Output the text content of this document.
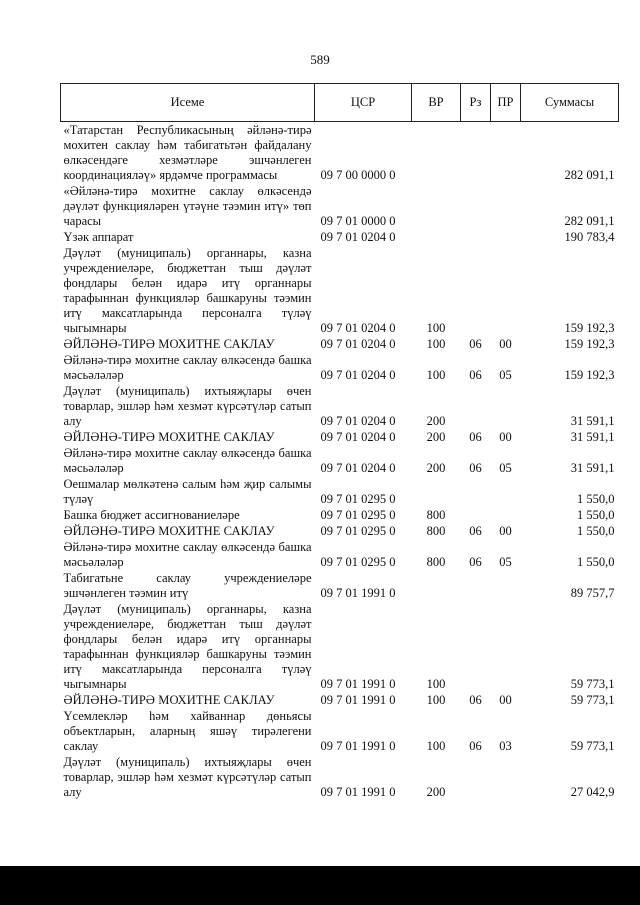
589
Исеме	ЦСР	ВР	Рз	ПР	Суммасы
«Татарстан Республикасының әйләнә-тирә мохитен саклау һәм табигатьтән файдалану өлкәсендәге хезмәтләре эшчәнлеген координацияләү» ярдәмче программасы	09 7 00 0000 0				282 091,1
«Әйләнә-тирә мохитне саклау өлкәсендә дәүләт функцияләрен үтәүне тәэмин итү» төп чарасы	09 7 01 0000 0				282 091,1
Үзәк аппарат	09 7 01 0204 0				190 783,4
Дәүләт (муниципаль) органнары, казна учреждениеләре, бюджеттан тыш дәүләт фондлары белән идарә итү органнары тарафыннан функцияләр башкаруны тәэмин итү максатларында персоналга түләү чыгымнары	09 7 01 0204 0	100			159 192,3
ӘЙЛӘНӘ-ТИРӘ МОХИТНЕ САКЛАУ	09 7 01 0204 0	100	06	00	159 192,3
Әйләнә-тирә мохитне саклау өлкәсендә башка мәсьәләләр	09 7 01 0204 0	100	06	05	159 192,3
Дәүләт (муниципаль) ихтыяҗлары өчен товарлар, эшләр һәм хезмәт күрсәтүләр сатып алу	09 7 01 0204 0	200			31 591,1
ӘЙЛӘНӘ-ТИРӘ МОХИТНЕ САКЛАУ	09 7 01 0204 0	200	06	00	31 591,1
Әйләнә-тирә мохитне саклау өлкәсендә башка мәсьәләләр	09 7 01 0204 0	200	06	05	31 591,1
Оешмалар мөлкәтенә салым һәм җир салымы түләү	09 7 01 0295 0				1 550,0
Башка бюджет ассигнованиеләре	09 7 01 0295 0	800			1 550,0
ӘЙЛӘНӘ-ТИРӘ МОХИТНЕ САКЛАУ	09 7 01 0295 0	800	06	00	1 550,0
Әйләнә-тирә мохитне саклау өлкәсендә башка мәсьәләләр	09 7 01 0295 0	800	06	05	1 550,0
Табигатьне саклау учреждениеләре эшчәнлеген тәэмин итү	09 7 01 1991 0				89 757,7
Дәүләт (муниципаль) органнары, казна учреждениеләре, бюджеттан тыш дәүләт фондлары белән идарә итү органнары тарафыннан функцияләр башкаруны тәэмин итү максатларында персоналга түләү чыгымнары	09 7 01 1991 0	100			59 773,1
ӘЙЛӘНӘ-ТИРӘ МОХИТНЕ САКЛАУ	09 7 01 1991 0	100	06	00	59 773,1
Үсемлекләр һәм хайваннар дөньясы объектларын, аларның яшәү тирәлегени саклау	09 7 01 1991 0	100	06	03	59 773,1
Дәүләт (муниципаль) ихтыяҗлары өчен товарлар, эшләр һәм хезмәт күрсәтүләр сатып алу	09 7 01 1991 0	200			27 042,9
